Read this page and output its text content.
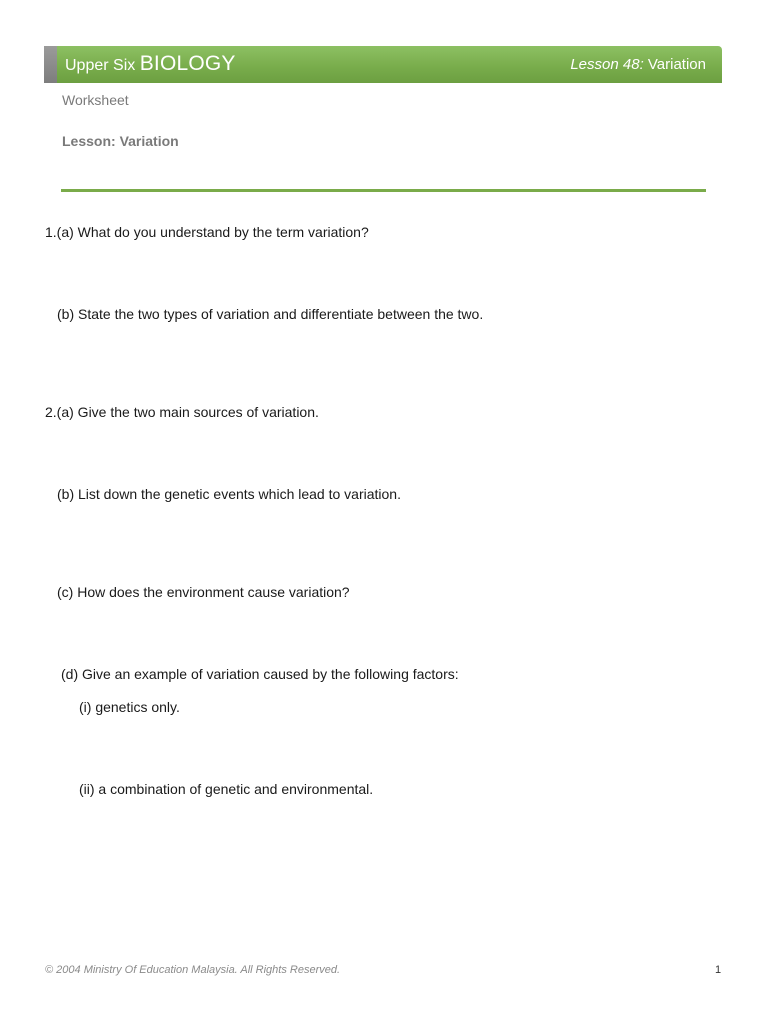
Upper Six BIOLOGY	Lesson 48: Variation
Worksheet
Lesson: Variation
1.(a) What do you understand by the term variation?
(b) State the two types of variation and differentiate between the two.
2.(a) Give the two main sources of variation.
(b) List down the genetic events which lead to variation.
(c) How does the environment cause variation?
(d) Give an example of variation caused by the following factors:
(i) genetics only.
(ii) a combination of genetic and environmental.
© 2004 Ministry Of Education Malaysia. All Rights Reserved.	1
